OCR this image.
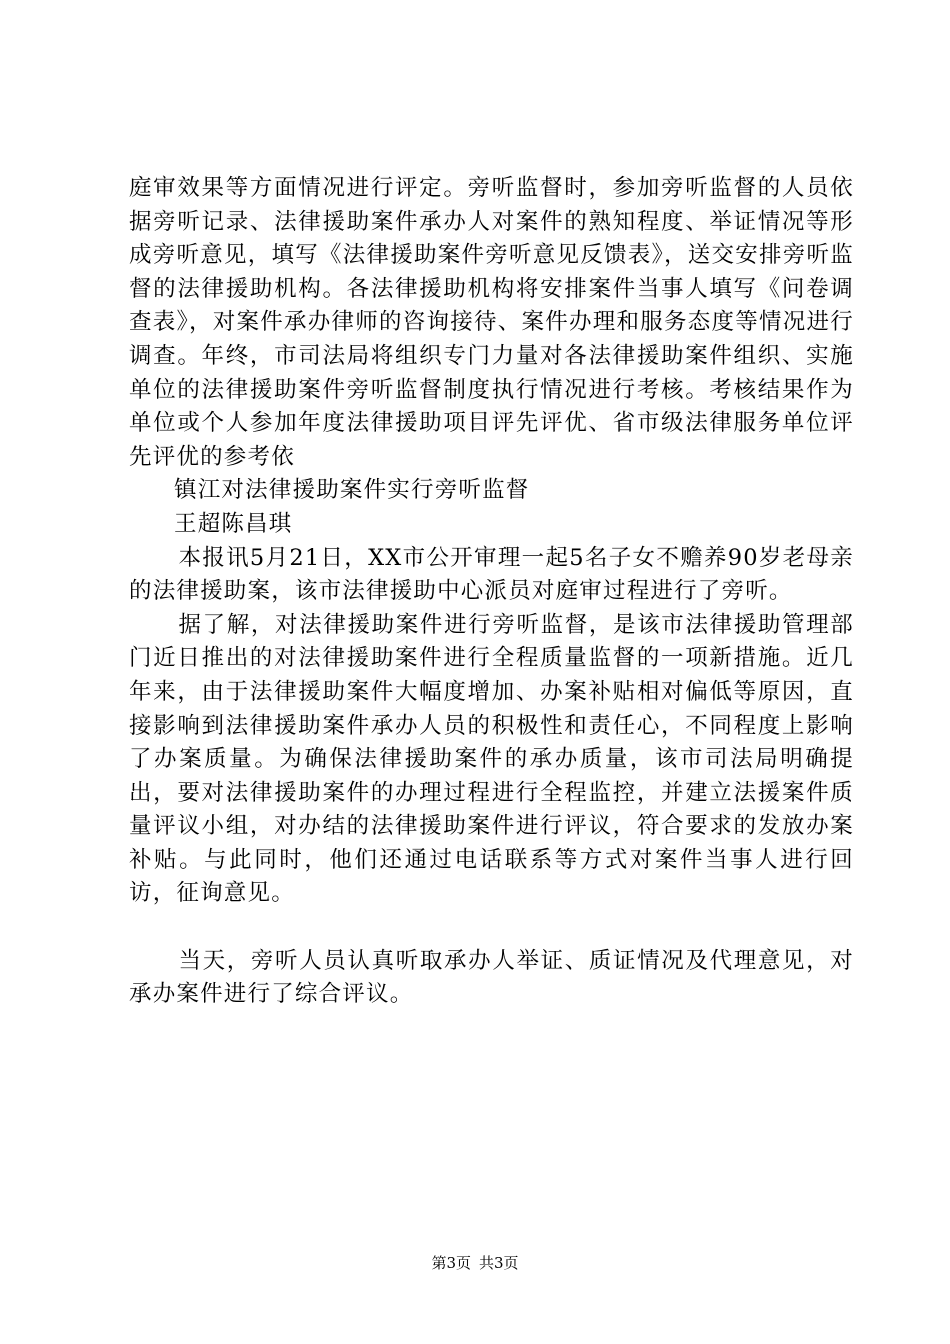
庭审效果等方面情况进行评定。旁听监督时，参加旁听监督的人员依据旁听记录、法律援助案件承办人对案件的熟知程度、举证情况等形成旁听意见，填写《法律援助案件旁听意见反馈表》，送交安排旁听监督的法律援助机构。各法律援助机构将安排案件当事人填写《问卷调查表》，对案件承办律师的咨询接待、案件办理和服务态度等情况进行调查。年终，市司法局将组织专门力量对各法律援助案件组织、实施单位的法律援助案件旁听监督制度执行情况进行考核。考核结果作为单位或个人参加年度法律援助项目评先评优、省市级法律服务单位评先评优的参考依

镇江对法律援助案件实行旁听监督

王超陈昌琪

本报讯5月21日，XX市公开审理一起5名子女不赡养90岁老母亲的法律援助案，该市法律援助中心派员对庭审过程进行了旁听。

据了解，对法律援助案件进行旁听监督，是该市法律援助管理部门近日推出的对法律援助案件进行全程质量监督的一项新措施。近几年来，由于法律援助案件大幅度增加、办案补贴相对偏低等原因，直接影响到法律援助案件承办人员的积极性和责任心，不同程度上影响了办案质量。为确保法律援助案件的承办质量，该市司法局明确提出，要对法律援助案件的办理过程进行全程监控，并建立法援案件质量评议小组，对办结的法律援助案件进行评议，符合要求的发放办案补贴。与此同时，他们还通过电话联系等方式对案件当事人进行回访，征询意见。

当天，旁听人员认真听取承办人举证、质证情况及代理意见，对承办案件进行了综合评议。

第3页 共3页
